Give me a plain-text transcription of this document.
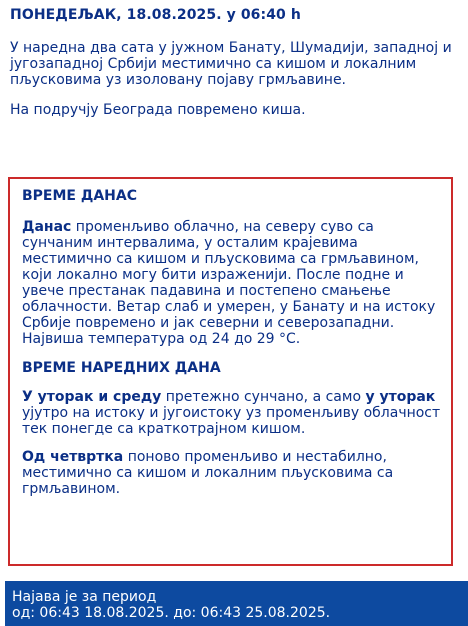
ПОНЕДЕЉАК, 18.08.2025. у 06:40 h

У наредна два сата у јужном Банату, Шумадији, западној и југозападној Србији местимично са кишом и локалним пљусковима уз изоловану појаву грмљавине.

На подручју Београда повремено киша.

ВРЕМЕ ДАНАС

Данас променљиво облачно, на северу суво са сунчаним интервалима, у осталим крајевима местимично са кишом и пљусковима са грмљавином, који локално могу бити израженији. После подне и увече престанак падавина и постепено смањење облачности. Ветар слаб и умерен, у Банату и на истоку Србије повремено и јак северни и северозападни. Највиша температура од 24 до 29 °C.

ВРЕМЕ НАРЕДНИХ ДАНА

У уторак и среду претежно сунчано, а само у уторак ујутро на истоку и југоистоку уз променљиву облачност тек понегде са краткотрајном кишом.

Од четвртка поново променљиво и нестабилно, местимично са кишом и локалним пљусковима са грмљавином.

Најава је за период
од: 06:43 18.08.2025. до: 06:43 25.08.2025.
